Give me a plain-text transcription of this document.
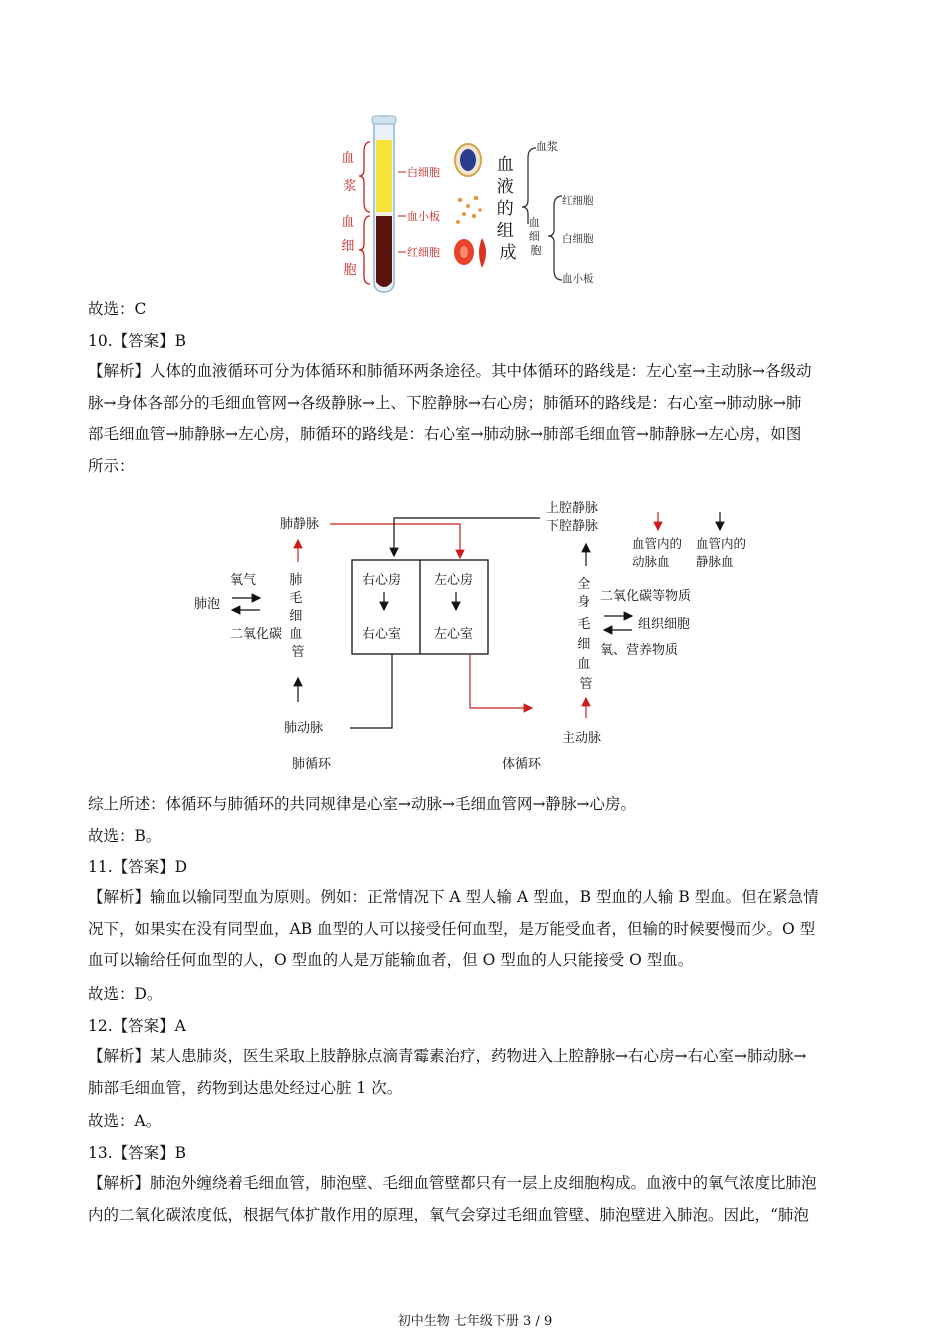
血 浆
血 细 胞
白细胞
血小板
红细胞
血 液 的 组 成
血浆
血 细 胞
红细胞
白细胞
血小板
故选：C
10.【答案】B
【解析】人体的血液循环可分为体循环和肺循环两条途径。其中体循环的路线是：左心室→主动脉→各级动
脉→身体各部分的毛细血管网→各级静脉→上、下腔静脉→右心房；肺循环的路线是：右心室→肺动脉→肺
部毛细血管→肺静脉→左心房，肺循环的路线是：右心室→肺动脉→肺部毛细血管→肺静脉→左心房，如图
所示：
肺静脉
上腔静脉
下腔静脉
血管内的 动脉血
血管内的 静脉血
右心房	左心房
右心室	左心室
肺动脉
肺 毛 细 血 管
氧气
肺泡
二氧化碳
主动脉
全 身 毛 细 血 管
二氧化碳等物质
组织细胞
氧、营养物质
肺循环	体循环
综上所述：体循环与肺循环的共同规律是心室→动脉→毛细血管网→静脉→心房。
故选：B。
11.【答案】D
【解析】输血以输同型血为原则。例如：正常情况下 A 型人输 A 型血，B 型血的人输 B 型血。但在紧急情
况下，如果实在没有同型血，AB 血型的人可以接受任何血型，是万能受血者，但输的时候要慢而少。O 型
血可以输给任何血型的人，O 型血的人是万能输血者，但 O 型血的人只能接受 O 型血。
故选：D。
12.【答案】A
【解析】某人患肺炎，医生采取上肢静脉点滴青霉素治疗，药物进入上腔静脉→右心房→右心室→肺动脉→
肺部毛细血管，药物到达患处经过心脏 1 次。
故选：A。
13.【答案】B
【解析】肺泡外缠绕着毛细血管，肺泡壁、毛细血管壁都只有一层上皮细胞构成。血液中的氧气浓度比肺泡
内的二氧化碳浓度低，根据气体扩散作用的原理，氧气会穿过毛细血管壁、肺泡壁进入肺泡。因此，“肺泡
初中生物 七年级下册 3 / 9
